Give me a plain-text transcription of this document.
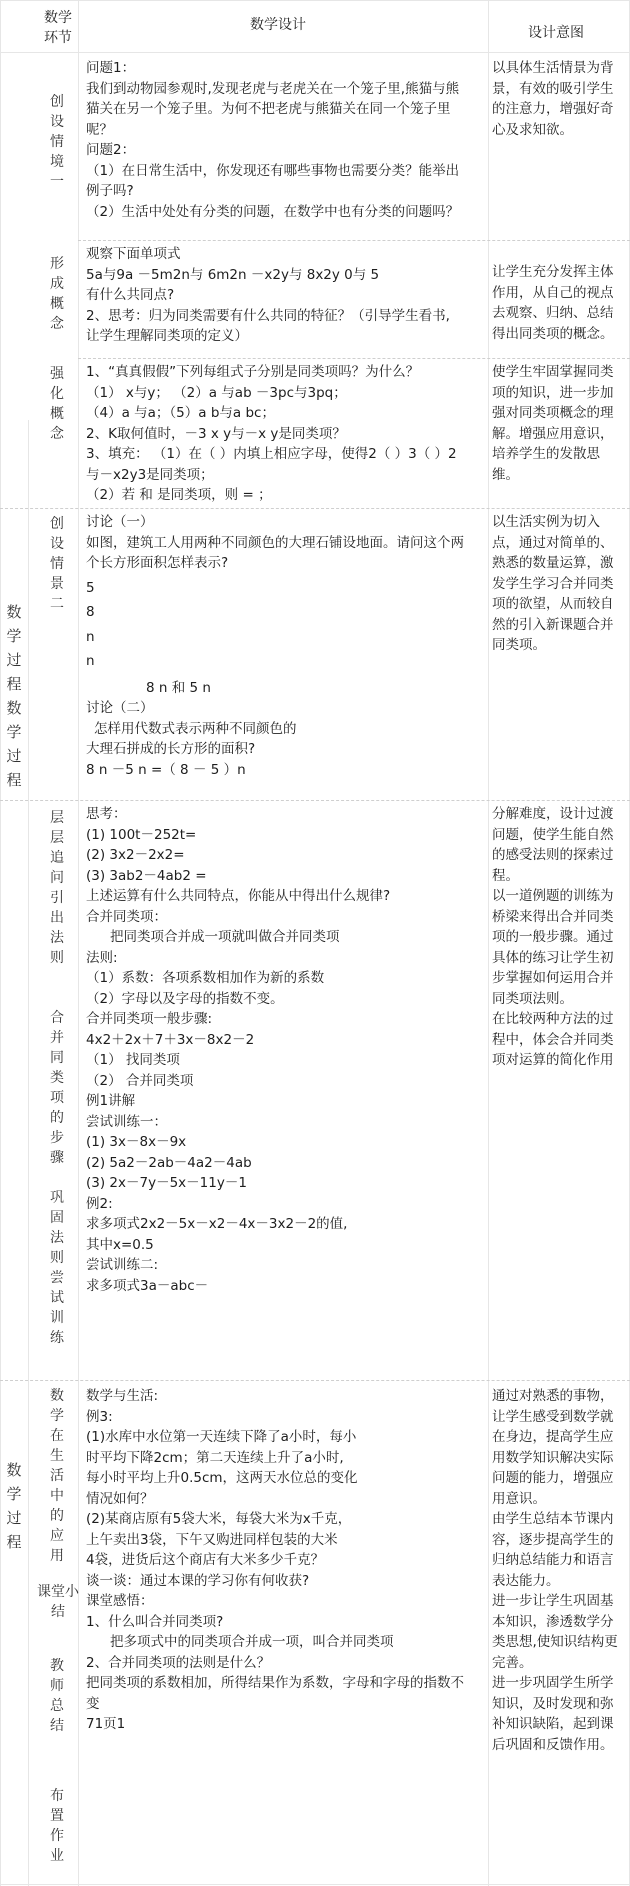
数学
环节
数学设计	设计意图
数学过程数学过程
数学过程
创设情境一
形成概念
强化概念
创设情景二
层层追问引出法则
合并同类项的步骤
巩固法则尝试训练
数学在生活中的应用
课堂小结
教师总结
布置作业
问题1：
我们到动物园参观时,发现老虎与老虎关在一个笼子里,熊猫与熊
猫关在另一个笼子里。为何不把老虎与熊猫关在同一个笼子里
呢？
问题2：
（1）在日常生活中，你发现还有哪些事物也需要分类？能举出
例子吗?
（2）生活中处处有分类的问题，在数学中也有分类的问题吗？
以具体生活情景为背
景，有效的吸引学生
的注意力，增强好奇
心及求知欲。
观察下面单项式
5a与9a －5m2n与 6m2n －x2y与 8x2y 0与 5
有什么共同点?
2、思考：归为同类需要有什么共同的特征？（引导学生看书,
让学生理解同类项的定义）
让学生充分发挥主体
作用，从自己的视点
去观察、归纳、总结
得出同类项的概念。
1、“真真假假”下列每组式子分别是同类项吗？为什么？
（1） x与y； （2）a 与ab －3pc与3pq；
（4）a 与a；（5）a b与a bc；
2、K取何值时，－3 x y与－x y是同类项？
3、填充： （1）在（ ）内填上相应字母，使得2（ ）3（ ）2
与－x2y3是同类项；
（2）若 和 是同类项，则 = ；
使学生牢固掌握同类
项的知识，进一步加
强对同类项概念的理
解。增强应用意识，
培养学生的发散思
维。
讨论（一）
如图，建筑工人用两种不同颜色的大理石铺设地面。请问这个两
个长方形面积怎样表示?
5
8
n
n
8 n 和 5 n
讨论（二）
怎样用代数式表示两种不同颜色的
大理石拼成的长方形的面积?
8 n －5 n =（ 8 － 5 ）n
以生活实例为切入
点，通过对简单的、
熟悉的数量运算，激
发学生学习合并同类
项的欲望，从而较自
然的引入新课题合并
同类项。
思考：
(1) 100t－252t=
(2) 3x2－2x2=
(3) 3ab2－4ab2 =
上述运算有什么共同特点，你能从中得出什么规律?
合并同类项：
把同类项合并成一项就叫做合并同类项
法则:
（1）系数：各项系数相加作为新的系数
（2）字母以及字母的指数不变。
合并同类项一般步骤:
4x2＋2x＋7＋3x－8x2－2
（1） 找同类项
（2） 合并同类项
例1讲解
尝试训练一：
(1) 3x－8x－9x
(2) 5a2－2ab－4a2－4ab
(3) 2x－7y－5x－11y－1
例2:
求多项式2x2－5x－x2－4x－3x2－2的值,
其中x=0.5
尝试训练二:
求多项式3a－abc－
分解难度，设计过渡
问题，使学生能自然
的感受法则的探索过
程。
以一道例题的训练为
桥梁来得出合并同类
项的一般步骤。通过
具体的练习让学生初
步掌握如何运用合并
同类项法则。
在比较两种方法的过
程中，体会合并同类
项对运算的简化作用
数学与生活:
例3:
(1)水库中水位第一天连续下降了a小时，每小
时平均下降2cm；第二天连续上升了a小时,
每小时平均上升0.5cm，这两天水位总的变化
情况如何？
(2)某商店原有5袋大米，每袋大米为x千克，
上午卖出3袋，下午又购进同样包装的大米
4袋，进货后这个商店有大米多少千克？
谈一谈：通过本课的学习你有何收获?
课堂感悟：
1、什么叫合并同类项?
把多项式中的同类项合并成一项，叫合并同类项
2、合并同类项的法则是什么？
把同类项的系数相加，所得结果作为系数，字母和字母的指数不
变
71页1
通过对熟悉的事物，
让学生感受到数学就
在身边，提高学生应
用数学知识解决实际
问题的能力，增强应
用意识。
由学生总结本节课内
容，逐步提高学生的
归纳总结能力和语言
表达能力。
进一步让学生巩固基
本知识，渗透数学分
类思想,使知识结构更
完善。
进一步巩固学生所学
知识，及时发现和弥
补知识缺陷，起到课
后巩固和反馈作用。
